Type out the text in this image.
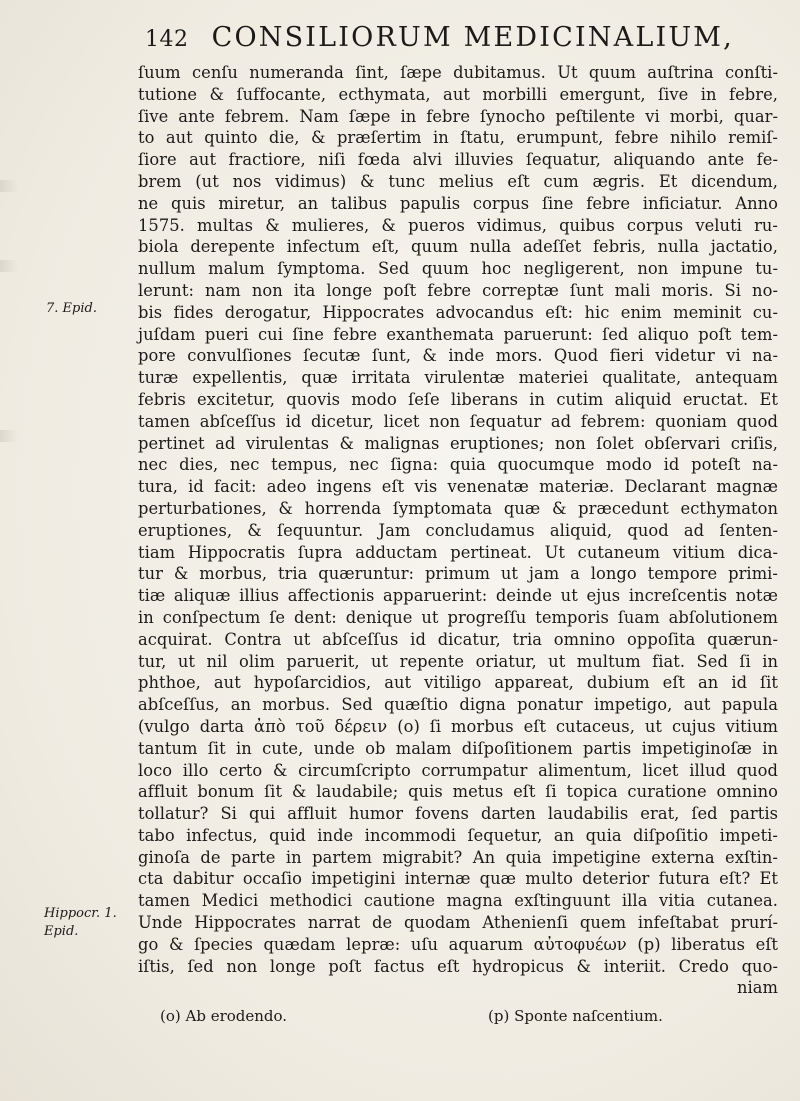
142 CONSILIORUM MEDICINALIUM,
ſuum cenſu numeranda ſint, ſæpe dubitamus. Ut quum auſtrina conſti-
tutione & ſuffocante, ecthymata, aut morbilli emergunt, ſive in febre,
ſive ante febrem. Nam ſæpe in febre ſynocho peſtilente vi morbi, quar-
to aut quinto die, & præſertim in ſtatu, erumpunt, febre nihilo remiſ-
ſiore aut fractiore, niſi fœda alvi illuvies ſequatur, aliquando ante fe-
brem (ut nos vidimus) & tunc melius eſt cum ægris. Et dicendum,
ne quis miretur, an talibus papulis corpus ſine febre inficiatur. Anno
1575. multas & mulieres, & pueros vidimus, quibus corpus veluti ru-
biola derepente infectum eſt, quum nulla adeſſet febris, nulla jactatio,
nullum malum ſymptoma. Sed quum hoc negligerent, non impune tu-
lerunt: nam non ita longe poſt febre correptæ ſunt mali moris. Si no-
bis fides derogatur, Hippocrates advocandus eſt: hic enim meminit cu-
juſdam pueri cui ſine febre exanthemata paruerunt: ſed aliquo poſt tem-
pore convulſiones ſecutæ ſunt, & inde mors. Quod fieri videtur vi na-
turæ expellentis, quæ irritata virulentæ materiei qualitate, antequam
febris excitetur, quovis modo ſeſe liberans in cutim aliquid eructat. Et
tamen abſceſſus id dicetur, licet non ſequatur ad febrem: quoniam quod
pertinet ad virulentas & malignas eruptiones; non ſolet obſervari criſis,
nec dies, nec tempus, nec ſigna: quia quocumque modo id poteſt na-
tura, id facit: adeo ingens eſt vis venenatæ materiæ. Declarant magnæ
perturbationes, & horrenda ſymptomata quæ & præcedunt ecthymaton
eruptiones, & ſequuntur. Jam concludamus aliquid, quod ad ſenten-
tiam Hippocratis ſupra adductam pertineat. Ut cutaneum vitium dica-
tur & morbus, tria quæruntur: primum ut jam a longo tempore primi-
tiæ aliquæ illius affectionis apparuerint: deinde ut ejus increſcentis notæ
in conſpectum ſe dent: denique ut progreſſu temporis ſuam abſolutionem
acquirat. Contra ut abſceſſus id dicatur, tria omnino oppoſita quærun-
tur, ut nil olim paruerit, ut repente oriatur, ut multum fiat. Sed ſi in
phthoe, aut hypoſarcidios, aut vitiligo appareat, dubium eſt an id ſit
abſceſſus, an morbus. Sed quæſtio digna ponatur impetigo, aut papula
(vulgo darta ἀπὸ τοῦ δέρειν (o) ſi morbus eſt cutaceus, ut cujus vitium
tantum ſit in cute, unde ob malam diſpoſitionem partis impetiginoſæ in
loco illo certo & circumſcripto corrumpatur alimentum, licet illud quod
affluit bonum ſit & laudabile; quis metus eſt ſi topica curatione omnino
tollatur? Si qui affluit humor fovens darten laudabilis erat, ſed partis
tabo infectus, quid inde incommodi ſequetur, an quia diſpoſitio impeti-
ginoſa de parte in partem migrabit? An quia impetigine externa exſtin-
cta dabitur occaſio impetigini internæ quæ multo deterior futura eſt? Et
tamen Medici methodici cautione magna exſtinguunt illa vitia cutanea.
Unde Hippocrates narrat de quodam Athenienſi quem infeſtabat prurí-
go & ſpecies quædam lepræ: uſu aquarum αὐτοφυέων (p) liberatus eſt
iſtis, ſed non longe poſt factus eſt hydropicus & interiit. Credo quo-
niam
7. Epid.
Hippocr. 1.
Epid.
(o) Ab erodendo.	(p) Sponte naſcentium.
